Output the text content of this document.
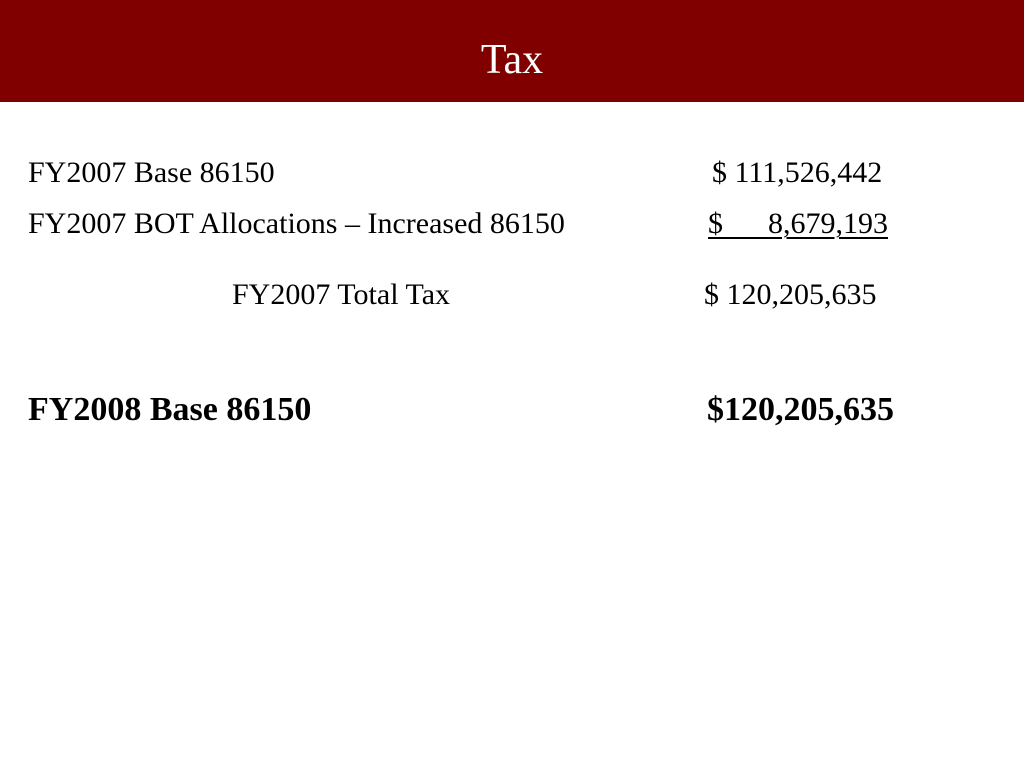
Tax
FY2007 Base 86150	$ 111,526,442
FY2007 BOT Allocations – Increased 86150	$      8,679,193
FY2007 Total Tax	$ 120,205,635
FY2008 Base 86150	$120,205,635
